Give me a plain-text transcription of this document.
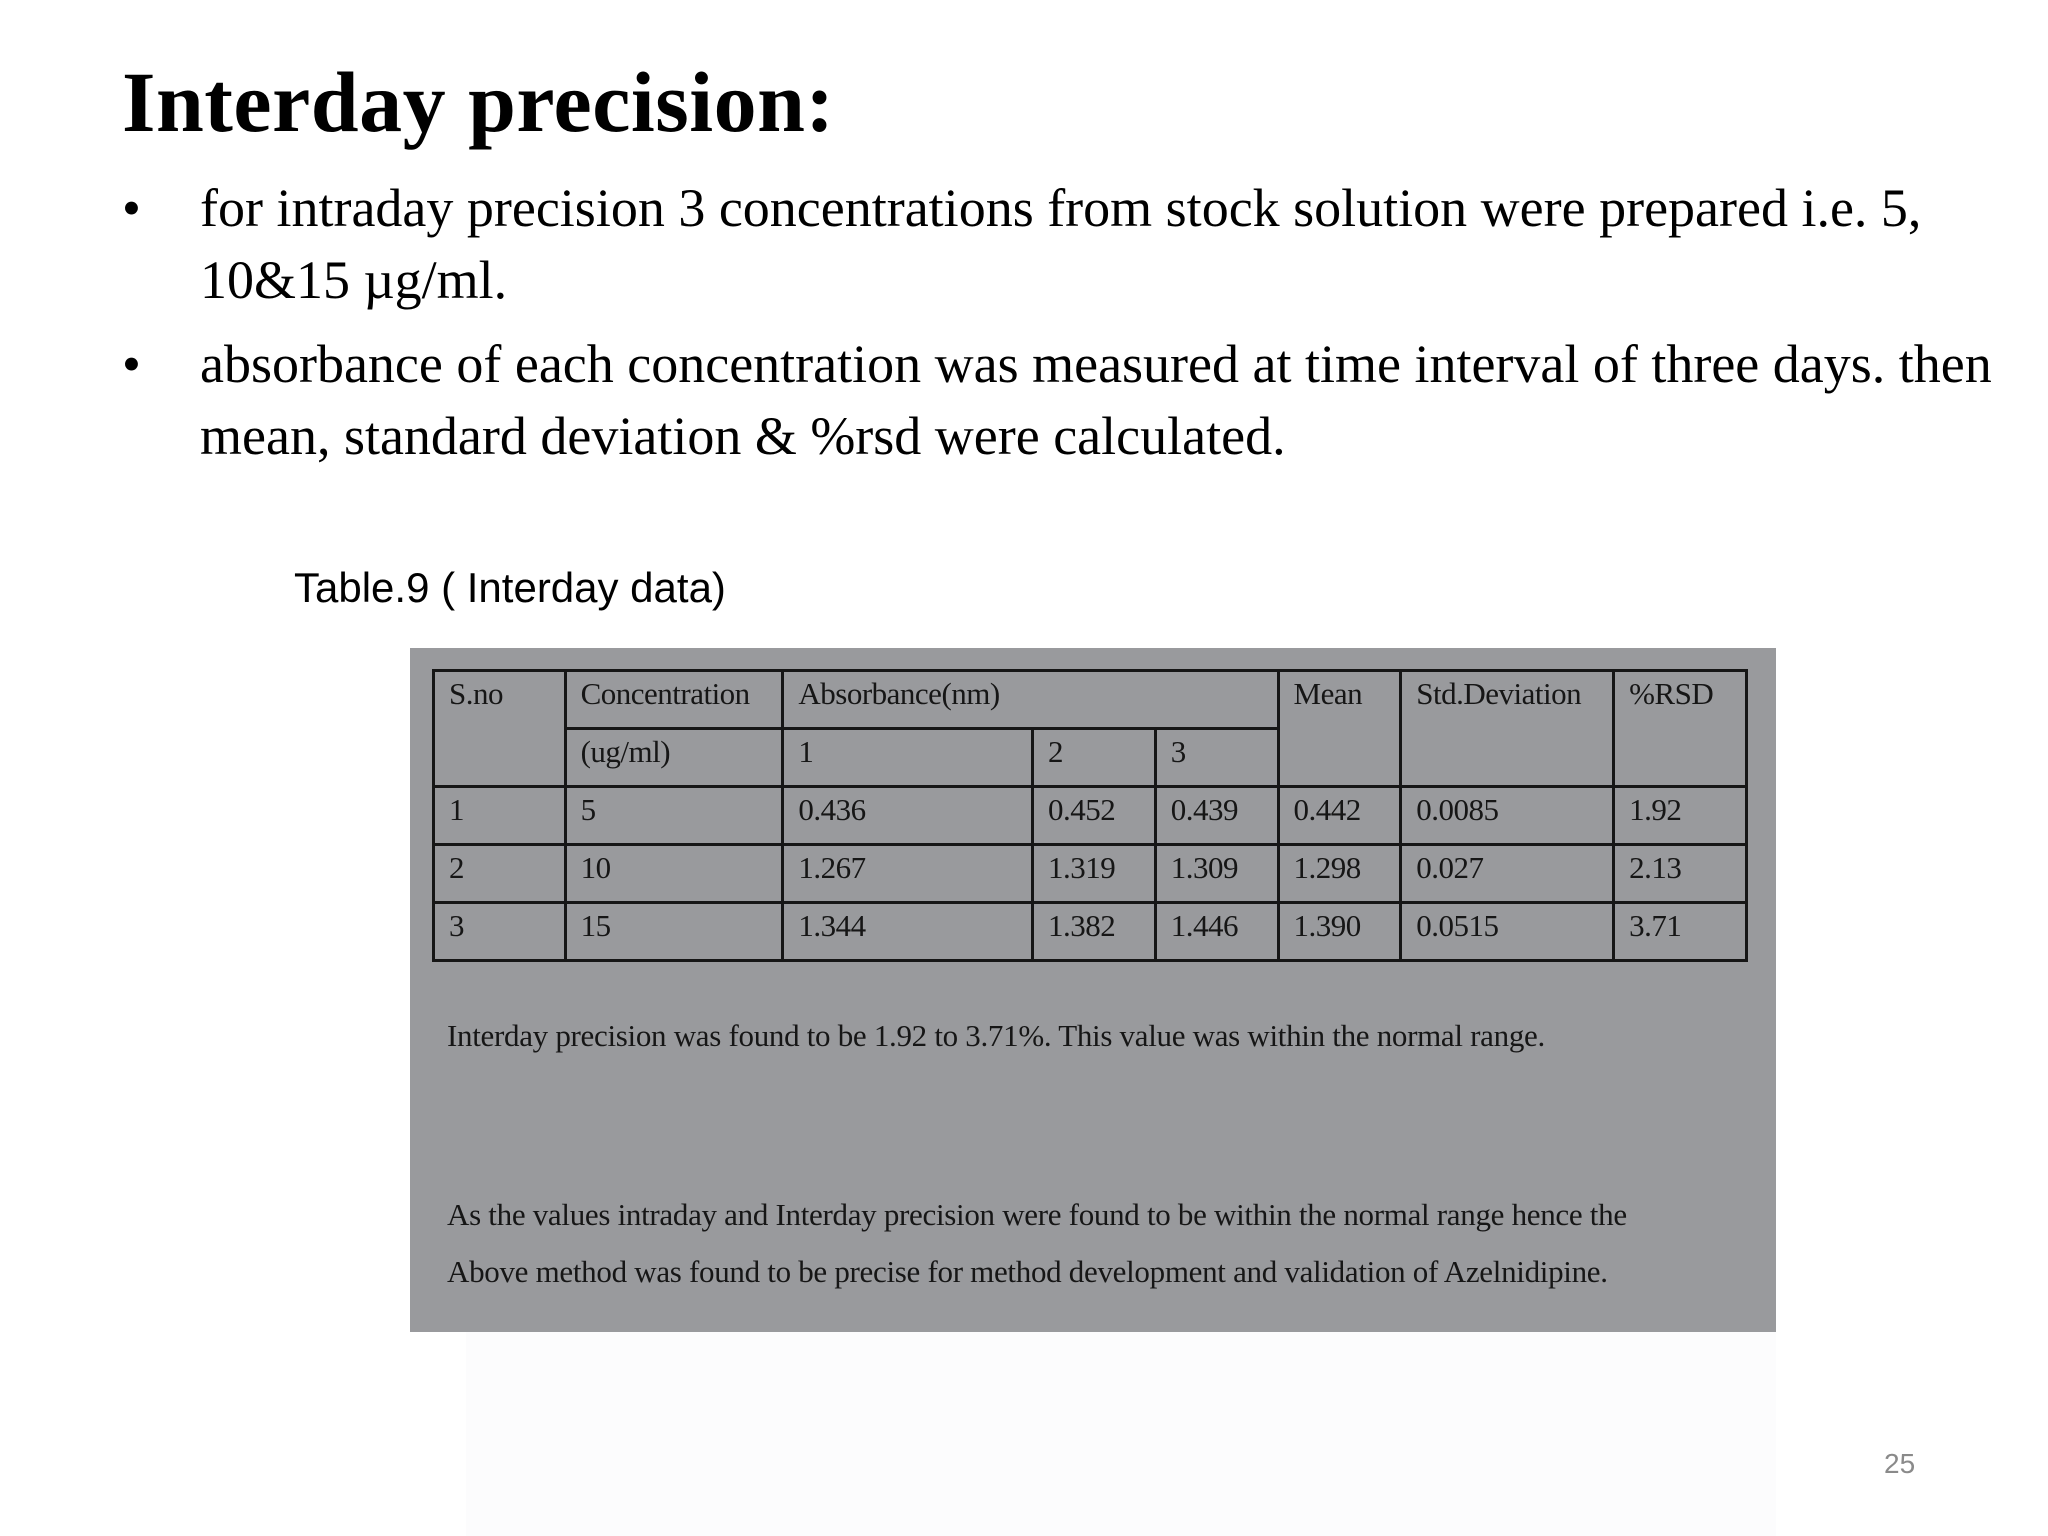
Interday precision:
•	for intraday precision 3 concentrations from stock solution were prepared i.e. 5, 10&15 µg/ml.
•	absorbance of each concentration was measured at time interval of three days. then mean, standard deviation & %rsd were calculated.
Table.9 ( Interday data)
S.no	Concentration	Absorbance(nm)			Mean	Std.Deviation	%RSD
	(ug/ml)	1	2	3			
1	5	0.436	0.452	0.439	0.442	0.0085	1.92
2	10	1.267	1.319	1.309	1.298	0.027	2.13
3	15	1.344	1.382	1.446	1.390	0.0515	3.71
Interday precision was found to be 1.92 to 3.71%. This value was within the normal range.
As the values intraday and Interday precision were found to be within the normal range hence the
Above method was found to be precise for method development and validation of Azelnidipine.
25
